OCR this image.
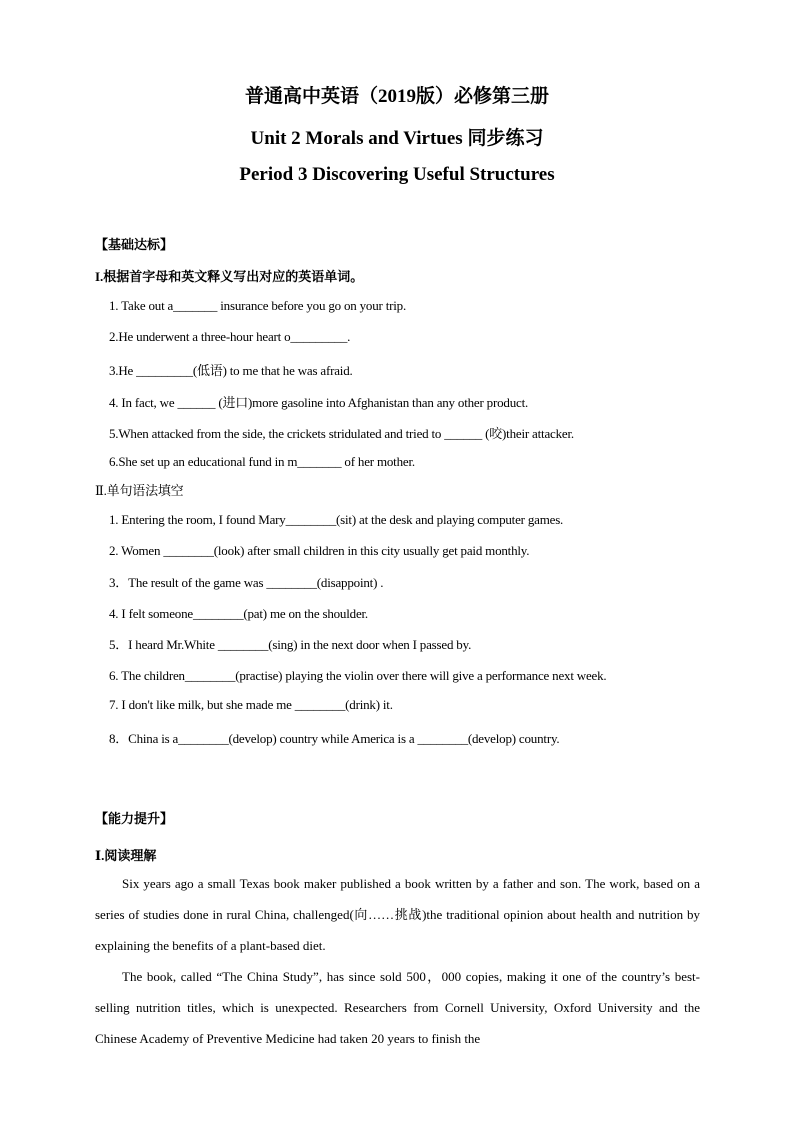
普通高中英语（2019版）必修第三册
Unit 2 Morals and Virtues 同步练习
Period 3 Discovering Useful Structures
【基础达标】
I.根据首字母和英文释义写出对应的英语单词。
1. Take out a_______ insurance before you go on your trip.
2.He underwent a three-hour heart o_________.
3.He _________(低语) to me that he was afraid.
4. In fact, we ______ (进口)more gasoline into Afghanistan than any other product.
5.When attacked from the side, the crickets stridulated and tried to ______ (咬)their attacker.
6.She set up an educational fund in m_______ of her mother.
Ⅱ.单句语法填空
1. Entering the room, I found Mary________(sit) at the desk and playing computer games.
2. Women ________(look) after small children in this city usually get paid monthly.
3．The result of the game was ________(disappoint) .
4. I felt someone________(pat) me on the shoulder.
5．I heard Mr.White ________(sing) in the next door when I passed by.
6. The children________(practise) playing the violin over there will give a performance next week.
7. I don't like milk, but she made me ________(drink) it.
8．China is a________(develop) country while America is a ________(develop) country.
【能力提升】
Ⅰ.阅读理解

Six years ago a small Texas book maker published a book written by a father and son. The work, based on a series of studies done in rural China, challenged(向……挑战)the traditional opinion about health and nutrition by explaining the benefits of a plant-based diet.

The book, called “The China Study”, has since sold 500，000 copies, making it one of the country’s best-selling nutrition titles, which is unexpected. Researchers from Cornell University, Oxford University and the Chinese Academy of Preventive Medicine had taken 20 years to finish the
